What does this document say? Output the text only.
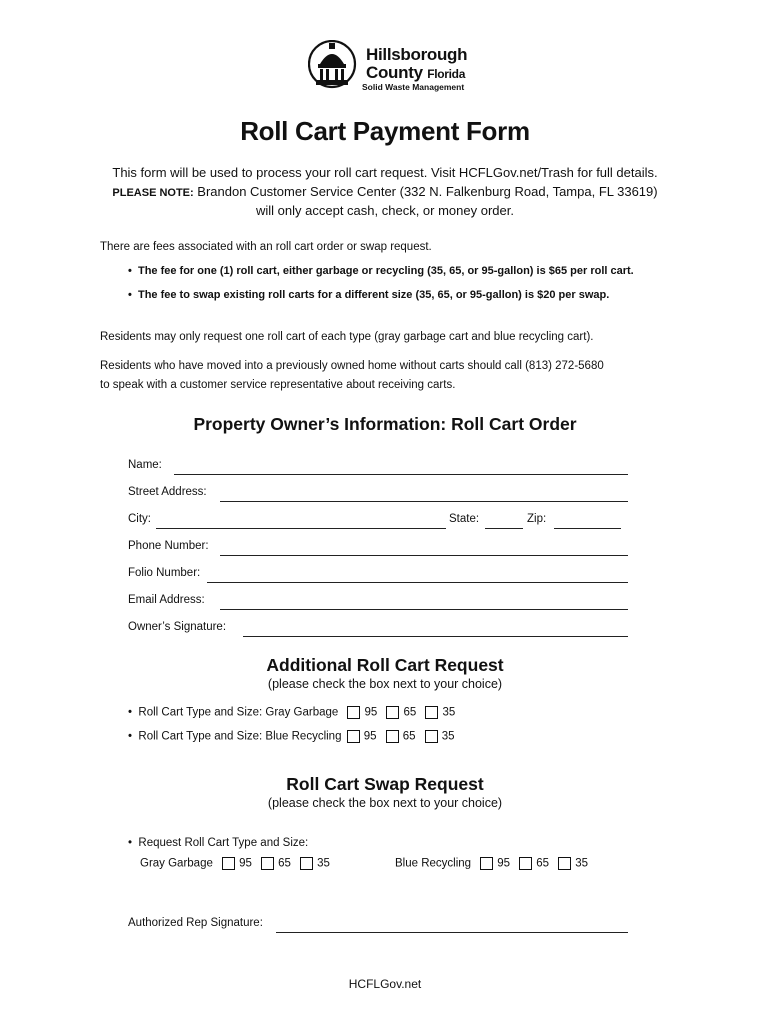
Hillsborough
County Florida
Solid Waste Management
Roll Cart Payment Form
This form will be used to process your roll cart request. Visit HCFLGov.net/Trash for full details.
PLEASE NOTE: Brandon Customer Service Center (332 N. Falkenburg Road, Tampa, FL 33619)
will only accept cash, check, or money order.
There are fees associated with an roll cart order or swap request.
•  The fee for one (1) roll cart, either garbage or recycling (35, 65, or 95-gallon) is $65 per roll cart.
•  The fee to swap existing roll carts for a different size (35, 65, or 95-gallon) is $20 per swap.
Residents may only request one roll cart of each type (gray garbage cart and blue recycling cart).
Residents who have moved into a previously owned home without carts should call (813) 272-5680
to speak with a customer service representative about receiving carts.
Property Owner’s Information: Roll Cart Order
Name:
Street Address:
City:	State:	Zip:
Phone Number:
Folio Number:
Email Address:
Owner’s Signature:
Additional Roll Cart Request
(please check the box next to your choice)
•  Roll Cart Type and Size: Gray Garbage 95 65 35
•  Roll Cart Type and Size: Blue Recycling 95 65 35
Roll Cart Swap Request
(please check the box next to your choice)
•  Request Roll Cart Type and Size:
Gray Garbage 95 65 35	Blue Recycling 95 65 35
Authorized Rep Signature:
HCFLGov.net
